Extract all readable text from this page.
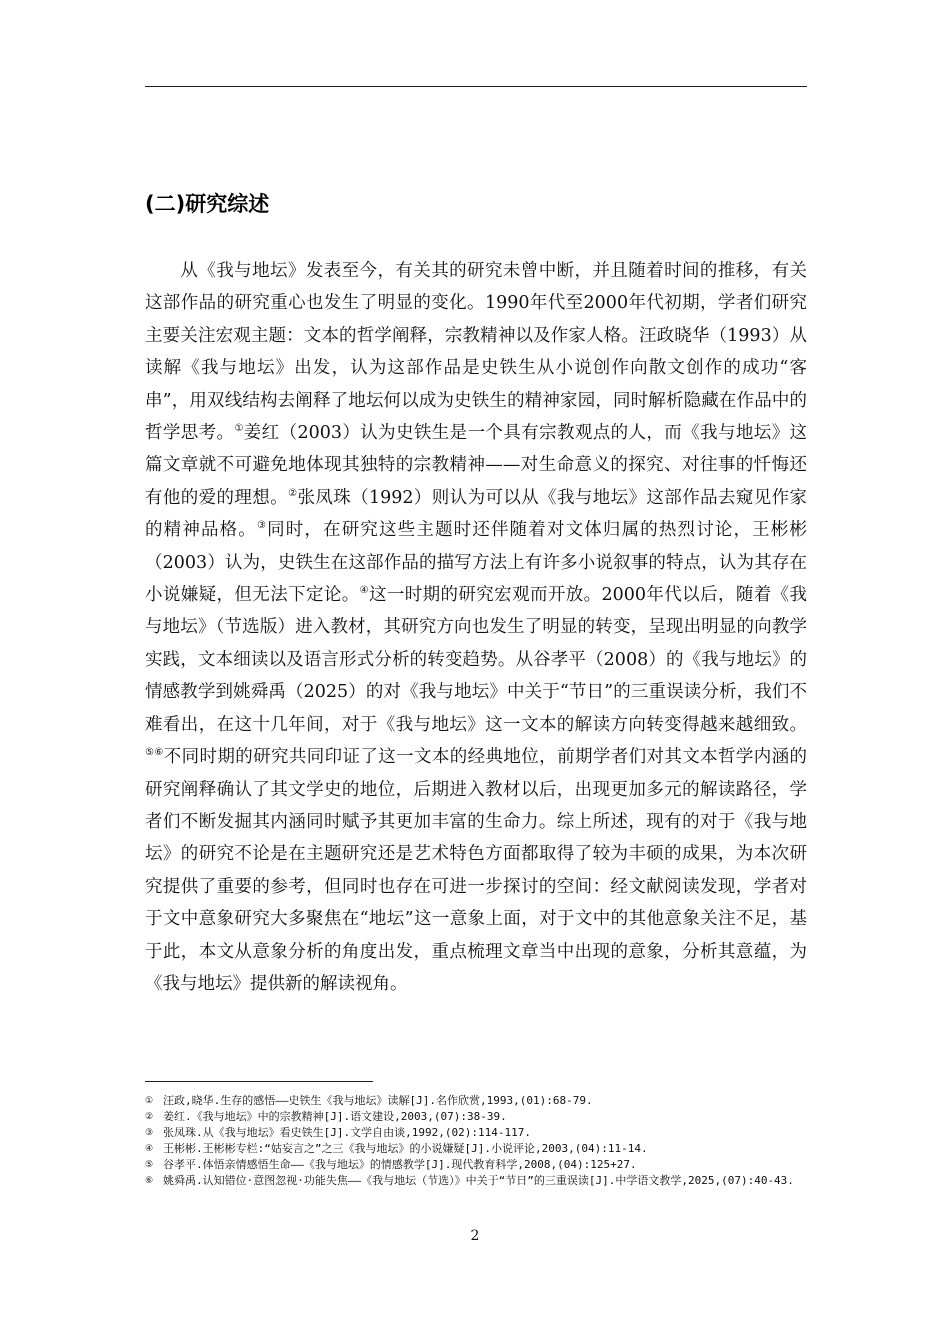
(二)研究综述

从《我与地坛》发表至今，有关其的研究未曾中断，并且随着时间的推移，有关这部作品的研究重心也发生了明显的变化。1990年代至2000年代初期，学者们研究主要关注宏观主题：文本的哲学阐释，宗教精神以及作家人格。汪政晓华（1993）从读解《我与地坛》出发，认为这部作品是史铁生从小说创作向散文创作的成功“客串”，用双线结构去阐释了地坛何以成为史铁生的精神家园，同时解析隐藏在作品中的哲学思考。①姜红（2003）认为史铁生是一个具有宗教观点的人，而《我与地坛》这篇文章就不可避免地体现其独特的宗教精神——对生命意义的探究、对往事的忏悔还有他的爱的理想。②张凤珠（1992）则认为可以从《我与地坛》这部作品去窥见作家的精神品格。③同时，在研究这些主题时还伴随着对文体归属的热烈讨论，王彬彬（2003）认为，史铁生在这部作品的描写方法上有许多小说叙事的特点，认为其存在小说嫌疑，但无法下定论。④这一时期的研究宏观而开放。2000年代以后，随着《我与地坛》（节选版）进入教材，其研究方向也发生了明显的转变，呈现出明显的向教学实践，文本细读以及语言形式分析的转变趋势。从谷孝平（2008）的《我与地坛》的情感教学到姚舜禹（2025）的对《我与地坛》中关于“节日”的三重误读分析，我们不难看出，在这十几年间，对于《我与地坛》这一文本的解读方向转变得越来越细致。⑤⑥不同时期的研究共同印证了这一文本的经典地位，前期学者们对其文本哲学内涵的研究阐释确认了其文学史的地位，后期进入教材以后，出现更加多元的解读路径，学者们不断发掘其内涵同时赋予其更加丰富的生命力。综上所述，现有的对于《我与地坛》的研究不论是在主题研究还是艺术特色方面都取得了较为丰硕的成果，为本次研究提供了重要的参考，但同时也存在可进一步探讨的空间：经文献阅读发现，学者对于文中意象研究大多聚焦在“地坛”这一意象上面，对于文中的其他意象关注不足，基于此，本文从意象分析的角度出发，重点梳理文章当中出现的意象，分析其意蕴，为《我与地坛》提供新的解读视角。

① 汪政,晓华.生存的感悟——史铁生《我与地坛》读解[J].名作欣赏,1993,(01):68-79.

② 姜红.《我与地坛》中的宗教精神[J].语文建设,2003,(07):38-39.

③ 张凤珠.从《我与地坛》看史铁生[J].文学自由谈,1992,(02):114-117.

④ 王彬彬.王彬彬专栏:“姑妄言之”之三《我与地坛》的小说嫌疑[J].小说评论,2003,(04):11-14.

⑤ 谷孝平.体悟亲情感悟生命——《我与地坛》的情感教学[J].现代教育科学,2008,(04):125+27.

⑥ 姚舜禹.认知错位·意图忽视·功能失焦——《我与地坛（节选）》中关于“节日”的三重误读[J].中学语文教学,2025,(07):40-43.

2
